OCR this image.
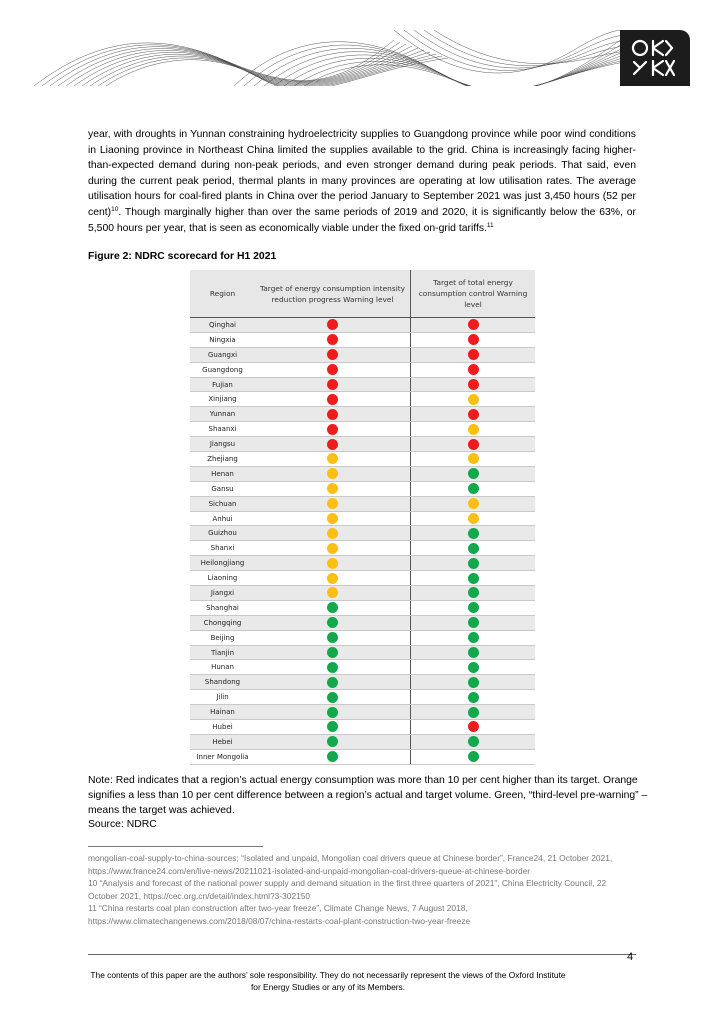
year, with droughts in Yunnan constraining hydroelectricity supplies to Guangdong province while poor wind conditions in Liaoning province in Northeast China limited the supplies available to the grid. China is increasingly facing higher-than-expected demand during non-peak periods, and even stronger demand during peak periods. That said, even during the current peak period, thermal plants in many provinces are operating at low utilisation rates. The average utilisation hours for coal-fired plants in China over the period January to September 2021 was just 3,450 hours (52 per cent)$^{10}$. Though marginally higher than over the same periods of 2019 and 2020, it is significantly below the 63%, or 5,500 hours per year, that is seen as economically viable under the fixed on-grid tariffs.$^{11}$

Figure 2: NDRC scorecard for H1 2021
Region
Target of energy consumption intensity reduction progress Warning level
Target of total energy consumption control Warning level
Qinghai
Ningxia
Guangxi
Guangdong
Fujian
Xinjiang
Yunnan
Shaanxi
Jiangsu
Zhejiang
Henan
Gansu
Sichuan
Anhui
Guizhou
Shanxi
Heilongjiang
Liaoning
Jiangxi
Shanghai
Chongqing
Beijing
Tianjin
Hunan
Shandong
Jilin
Hainan
Hubei
Hebei
Inner Mongolia

Note: Red indicates that a region’s actual energy consumption was more than 10 per cent higher than its target. Orange signifies a less than 10 per cent difference between a region’s actual and target volume. Green, “third-level pre-warning” – means the target was achieved.

Source: NDRC

mongolian-coal-supply-to-china-sources; “Isolated and unpaid, Mongolian coal drivers queue at Chinese border”, France24, 21 October 2021, https://www.france24.com/en/live-news/20211021-isolated-and-unpaid-mongolian-coal-drivers-queue-at-chinese-border

10 “Analysis and forecast of the national power supply and demand situation in the first three quarters of 2021”, China Electricity Council, 22 October 2021, https://cec.org.cn/detail/index.html?3-302150

11 “China restarts coal plan construction after two-year freeze”, Climate Change News, 7 August 2018, https://www.climatechangenews.com/2018/08/07/china-restarts-coal-plant-construction-two-year-freeze

The contents of this paper are the authors’ sole responsibility. They do not necessarily represent the views of the Oxford Institute for Energy Studies or any of its Members.
4
